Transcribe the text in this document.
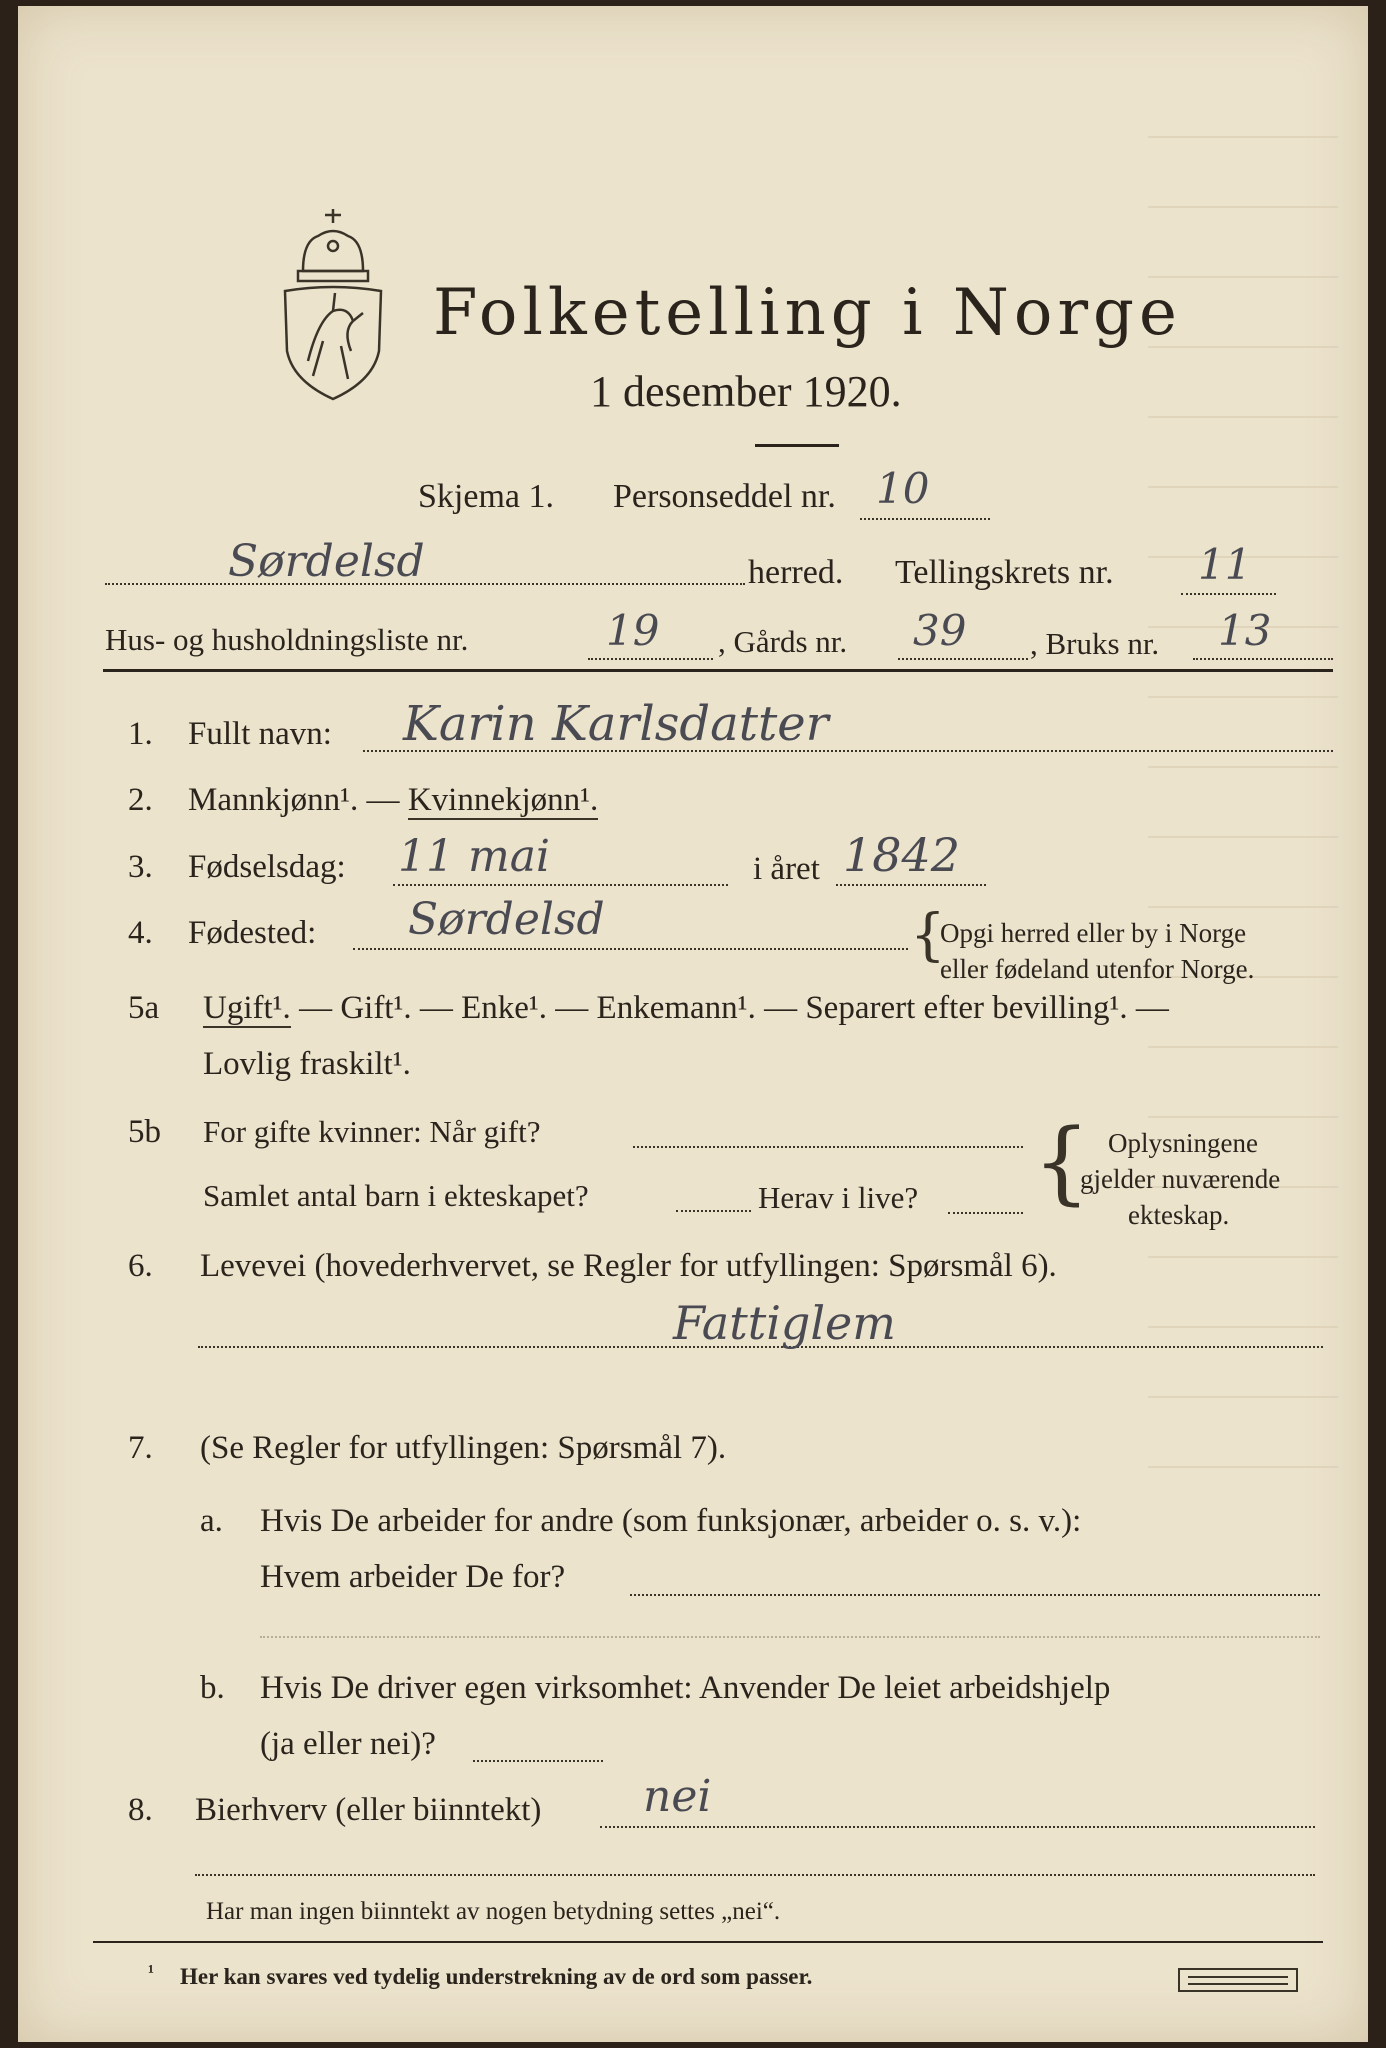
Folketelling i Norge
1 desember 1920.
Skjema 1. Personseddel nr. 10
Sørdelsd	herred. Tellingskrets nr. 11
Hus- og husholdningsliste nr.	19 , Gårds nr. 39 , Bruks nr. 13
1. Fullt navn: Karin Karlsdatter
2. Mannkjønn¹. — Kvinnekjønn¹.
3. Fødselsdag: 11 mai	i året 1842
4. Fødested: Sørdelsd	{
Opgi herred eller by i Norge
eller fødeland utenfor Norge.
5a Ugift¹. — Gift¹. — Enke¹. — Enkemann¹. — Separert efter bevilling¹. —
Lovlig fraskilt¹.
5b For gifte kvinner: Når gift?
Samlet antal barn i ekteskapet?	Herav i live? { Oplysningene
gjelder nuværende
ekteskap.
6. Levevei (hovederhvervet, se Regler for utfyllingen: Spørsmål 6).
Fattiglem
7. (Se Regler for utfyllingen: Spørsmål 7).
a. Hvis De arbeider for andre (som funksjonær, arbeider o. s. v.):
Hvem arbeider De for?
b. Hvis De driver egen virksomhet: Anvender De leiet arbeidshjelp
(ja eller nei)?
8. Bierhverv (eller biinntekt) nei
Har man ingen biinntekt av nogen betydning settes „nei“.
¹ Her kan svares ved tydelig understrekning av de ord som passer.
